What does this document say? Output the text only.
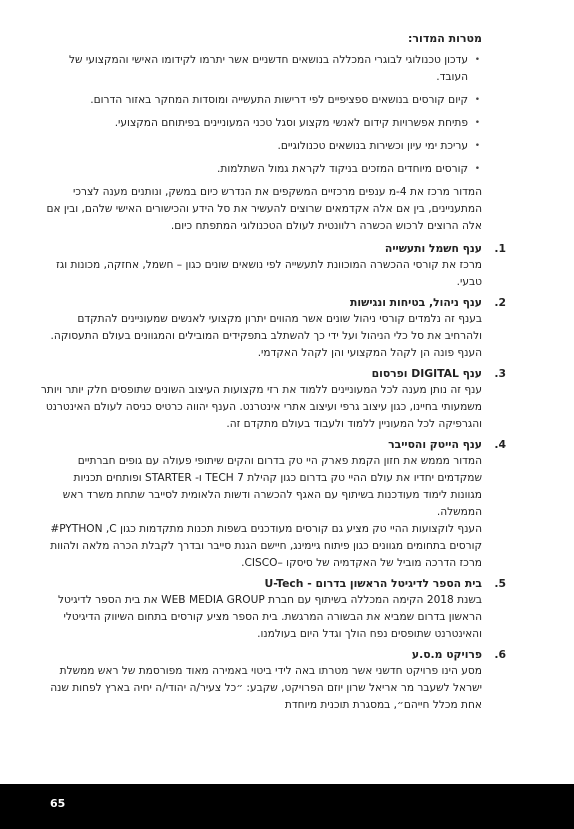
מטרות המדור:
• עדכון טכנולוגי לבוגרי המכללה בנושאים חדשניים אשר יתרמו לקידומו האישי והמקצועי של העובד.
• קיום קורסים בנושאים ספציפיים לפי דרישות התעשייה ומוסדות המחקר באזור הדרום.
• פתיחת אפשרויות קידום לאנשי מקצוע וסגל טכני המעוניינים בפיתוחם המקצועי.
• עריכת ימי עיון וכשירות בנושאים טכנולוגיים.
• קורסים מיוחדים המזכים בניקוד לקראת גמול השתלמות.

המדור מרכז את 4-מ ענפים מרכזיים המשקפים את הנדרש כיום במשק, ונותנים מענה לצרכי המתעניינים, בין אם אלה אקדמאים שרוצים להעשיר את סל הידע והכישורים האישי שלהם, ובין אם אלה הרוצים לרכוש הכשרה רלוונטית לעולם הטכנולוגי המתפתח כיום.

.1
ענף חשמל ותעשייה

מרכז את קורסי ההכשרה המוכוונת לתעשייה לפי נושאים שונים כגון – חשמל, אחזקה, מכונות וגז טבעי.

.2
ענף ניהול, בטיחות ונגישות

בענף זה נלמדים קורסי ניהול שונים אשר מהווים יתרון מקצועי לאנשים שמעוניינים להתקדם ולהרחיב את סל כלי הניהול ועל ידי כך להשתלב בתפקידים המובילים והמגוונים בעולם התעסוקה. הענף פונה הן לקהל המקצועי והן לקהל האקדמי.

.3
ענף DIGITAL ופרסום

ענף זה נותן מענה לכל המעוניינים ללמוד את רזי מקצועות העיצוב השונים שתופסים חלק יותר ויותר משמעותי בחיינו, כגון עיצוב גרפי ועיצוב אתרי אינטרנט. הענף יהווה כרטיס כניסה לעולם האינטרנט והגרפיקה לכל המעוניין ללמוד ולעבוד בעולם מתקדם זה.

.4
ענף הייטק והסייבר

המדור מממש את חזון הקמת פארק היי טק בדרום והקים שיתופי פעולה עם גופים חברתיים שמקדמים יחדיו את עולם ההיי טק בדרום כגון קהילת 7 TECH ו- STARTER ופותחים תכניות מגוונות לימוד מעודכנות בשיתוף עם האגף להכשרה ודשות הלאומית לסייבר שתחת משרד ראש הממשלה.

הענף לוקצועות ההיי טק מציע גם קורסים מעודכנים בשפות תכנות מתקדמות כגון PYTHON ,C# קורסים בתחומים מגוונים כגון פיתוח גיימינג, חיישם הגנת סייבר ובדרך לקבלת הכרה מלאה ולהוות מרכז הדרכה מוביל של האקדמיה של סיסקו –CISCO.

.5
בית הספר לדיגיטל הראשון בדרום - U-Tech

בשנת 2018 הקימה המכללה בשיתוף עם חברת WEB MEDIA GROUP את בית הספר לדיגיטל הראשון בדרום שמביא את הבשורה המרגשת. בית הספר מציע קורסים בתחום השיווק הדיגיטלי והאינטרנט שתופסים נפח הולך וגדל היום בעולמנו.

.6
פרויקט מ.ס.ע

מסע הינו פרויקט חדשני אשר מטרתו באה לידי ביטוי באמירה מאוד מפורסמת של ראש ממשלת ישראל לשעבר מר אריאל שרון יוזם הפרויקט, שקבע: ״כל צעיר/ה יהודי/ה יחיה בארץ לפחות שנה אחת מכלל חייהם״, במסגרת תוכנית מיוחדת

65
